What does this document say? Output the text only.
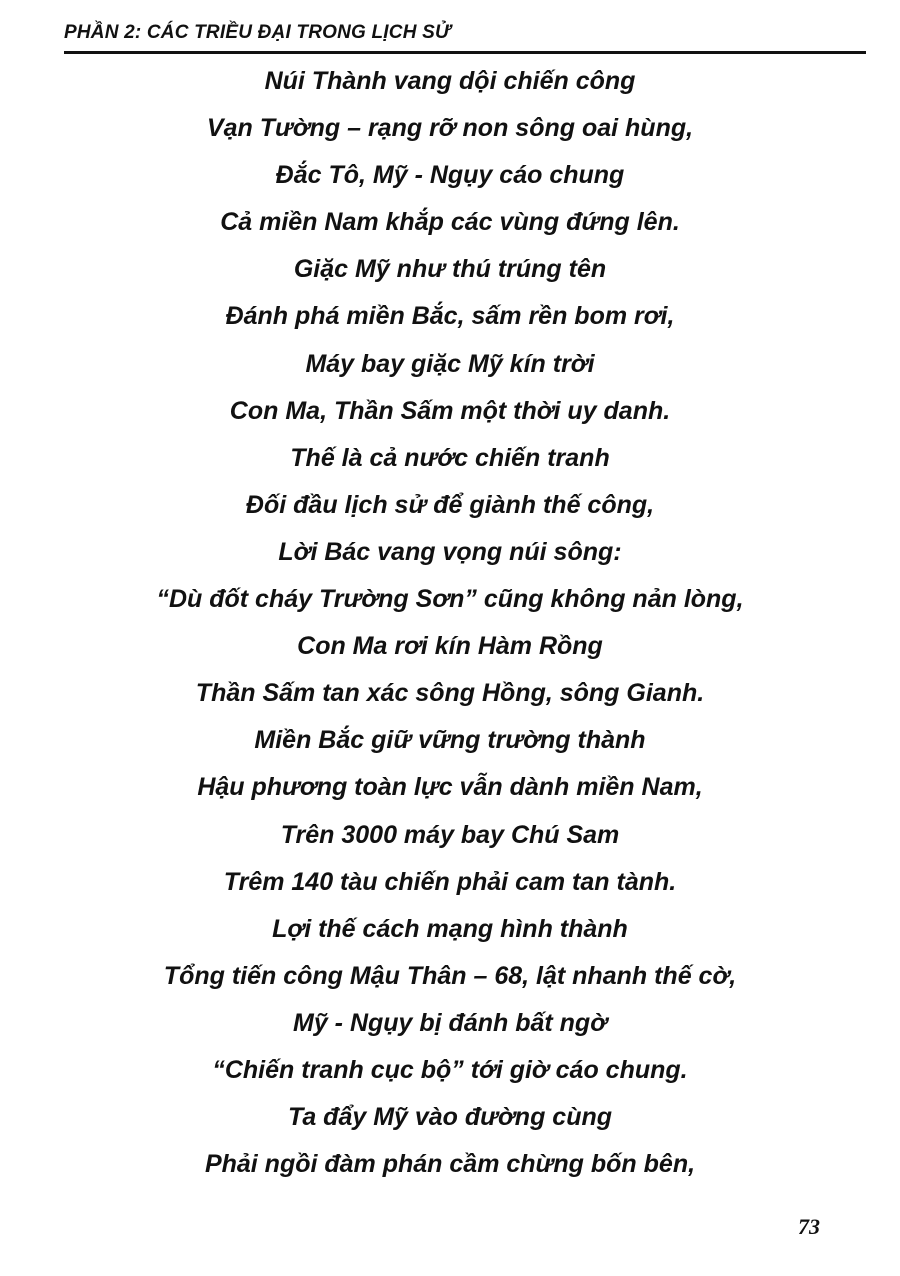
PHẦN 2: CÁC TRIỀU ĐẠI TRONG LỊCH SỬ
Núi Thành vang dội chiến công
Vạn Tường – rạng rỡ non sông oai hùng,
Đắc Tô, Mỹ - Ngụy cáo chung
Cả miền Nam khắp các vùng đứng lên.
Giặc Mỹ như thú trúng tên
Đánh phá miền Bắc, sấm rền bom rơi,
Máy bay giặc Mỹ kín trời
Con Ma, Thần Sấm một thời uy danh.
Thế là cả nước chiến tranh
Đối đầu lịch sử để giành thế công,
Lời Bác vang vọng núi sông:
“Dù đốt cháy Trường Sơn” cũng không nản lòng,
Con Ma rơi kín Hàm Rồng
Thần Sấm tan xác sông Hồng, sông Gianh.
Miền Bắc giữ vững trường thành
Hậu phương toàn lực vẫn dành miền Nam,
Trên 3000 máy bay Chú Sam
Trêm 140 tàu chiến phải cam tan tành.
Lợi thế cách mạng hình thành
Tổng tiến công Mậu Thân – 68, lật nhanh thế cờ,
Mỹ - Ngụy bị đánh bất ngờ
“Chiến tranh cục bộ” tới giờ cáo chung.
Ta đẩy Mỹ vào đường cùng
Phải ngồi đàm phán cầm chừng bốn bên,
73
